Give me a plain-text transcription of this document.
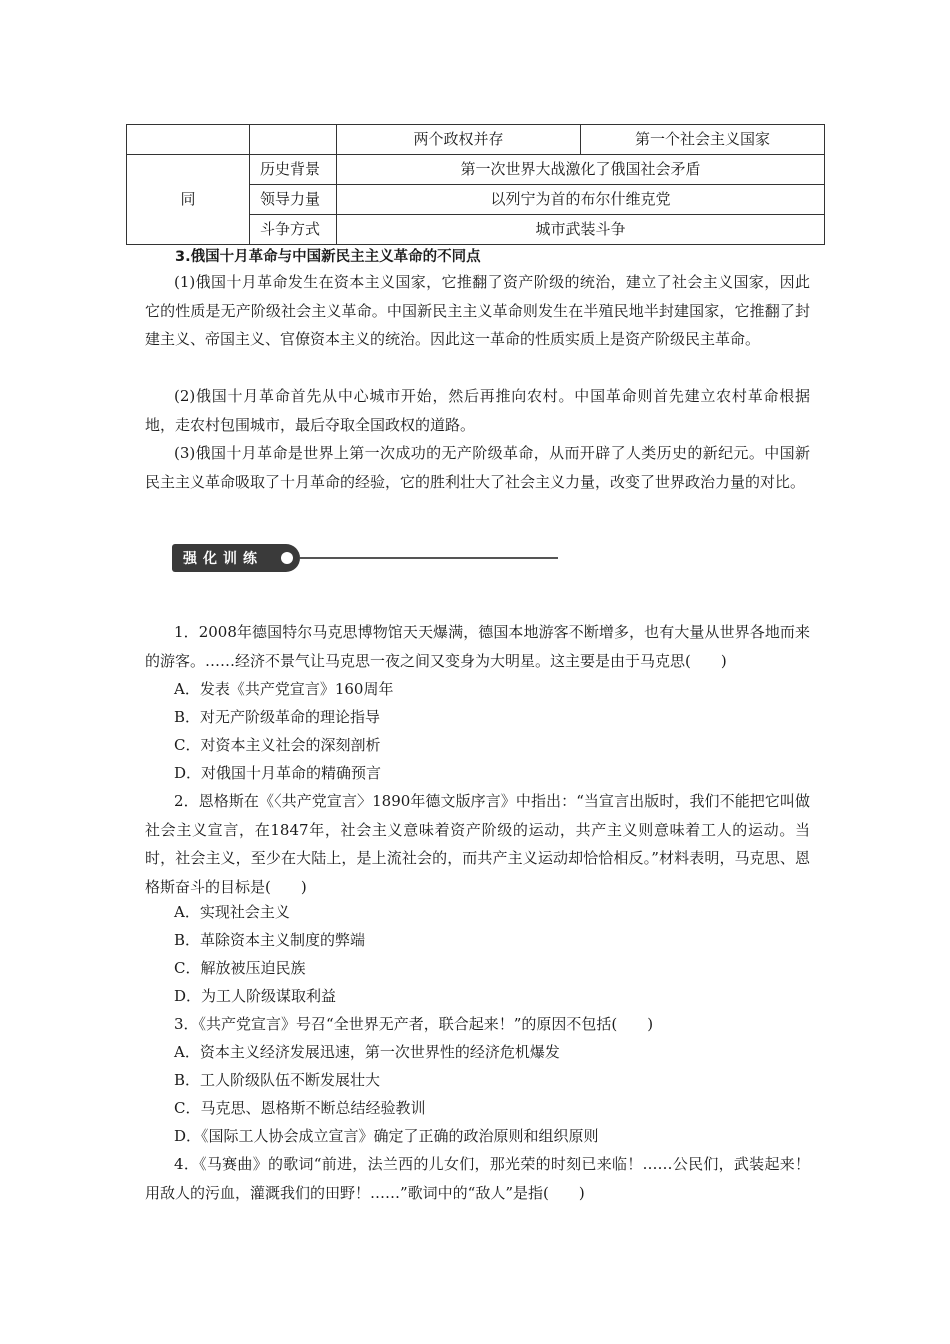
		两个政权并存	第一个社会主义国家
同	历史背景	第一次世界大战激化了俄国社会矛盾	
	领导力量	以列宁为首的布尔什维克党	
	斗争方式	城市武装斗争	
3.俄国十月革命与中国新民主主义革命的不同点

(1)俄国十月革命发生在资本主义国家，它推翻了资产阶级的统治，建立了社会主义国家，因此它的性质是无产阶级社会主义革命。中国新民主主义革命则发生在半殖民地半封建国家，它推翻了封建主义、帝国主义、官僚资本主义的统治。因此这一革命的性质实质上是资产阶级民主革命。

(2)俄国十月革命首先从中心城市开始，然后再推向农村。中国革命则首先建立农村革命根据地，走农村包围城市，最后夺取全国政权的道路。

(3)俄国十月革命是世界上第一次成功的无产阶级革命，从而开辟了人类历史的新纪元。中国新民主主义革命吸取了十月革命的经验，它的胜利壮大了社会主义力量，改变了世界政治力量的对比。

强化训练

1．2008年德国特尔马克思博物馆天天爆满，德国本地游客不断增多，也有大量从世界各地而来的游客。……经济不景气让马克思一夜之间又变身为大明星。这主要是由于马克思(　　)

A．发表《共产党宣言》160周年

B．对无产阶级革命的理论指导

C．对资本主义社会的深刻剖析

D．对俄国十月革命的精确预言

2．恩格斯在《〈共产党宣言〉1890年德文版序言》中指出：“当宣言出版时，我们不能把它叫做社会主义宣言，在1847年，社会主义意味着资产阶级的运动，共产主义则意味着工人的运动。当时，社会主义，至少在大陆上，是上流社会的，而共产主义运动却恰恰相反。”材料表明，马克思、恩格斯奋斗的目标是(　　)

A．实现社会主义

B．革除资本主义制度的弊端

C．解放被压迫民族

D．为工人阶级谋取利益

3．《共产党宣言》号召“全世界无产者，联合起来！”的原因不包括(　　)

A．资本主义经济发展迅速，第一次世界性的经济危机爆发

B．工人阶级队伍不断发展壮大

C．马克思、恩格斯不断总结经验教训

D．《国际工人协会成立宣言》确定了正确的政治原则和组织原则

4．《马赛曲》的歌词“前进，法兰西的儿女们，那光荣的时刻已来临！……公民们，武装起来！用敌人的污血，灌溉我们的田野！……”歌词中的“敌人”是指(　　)
